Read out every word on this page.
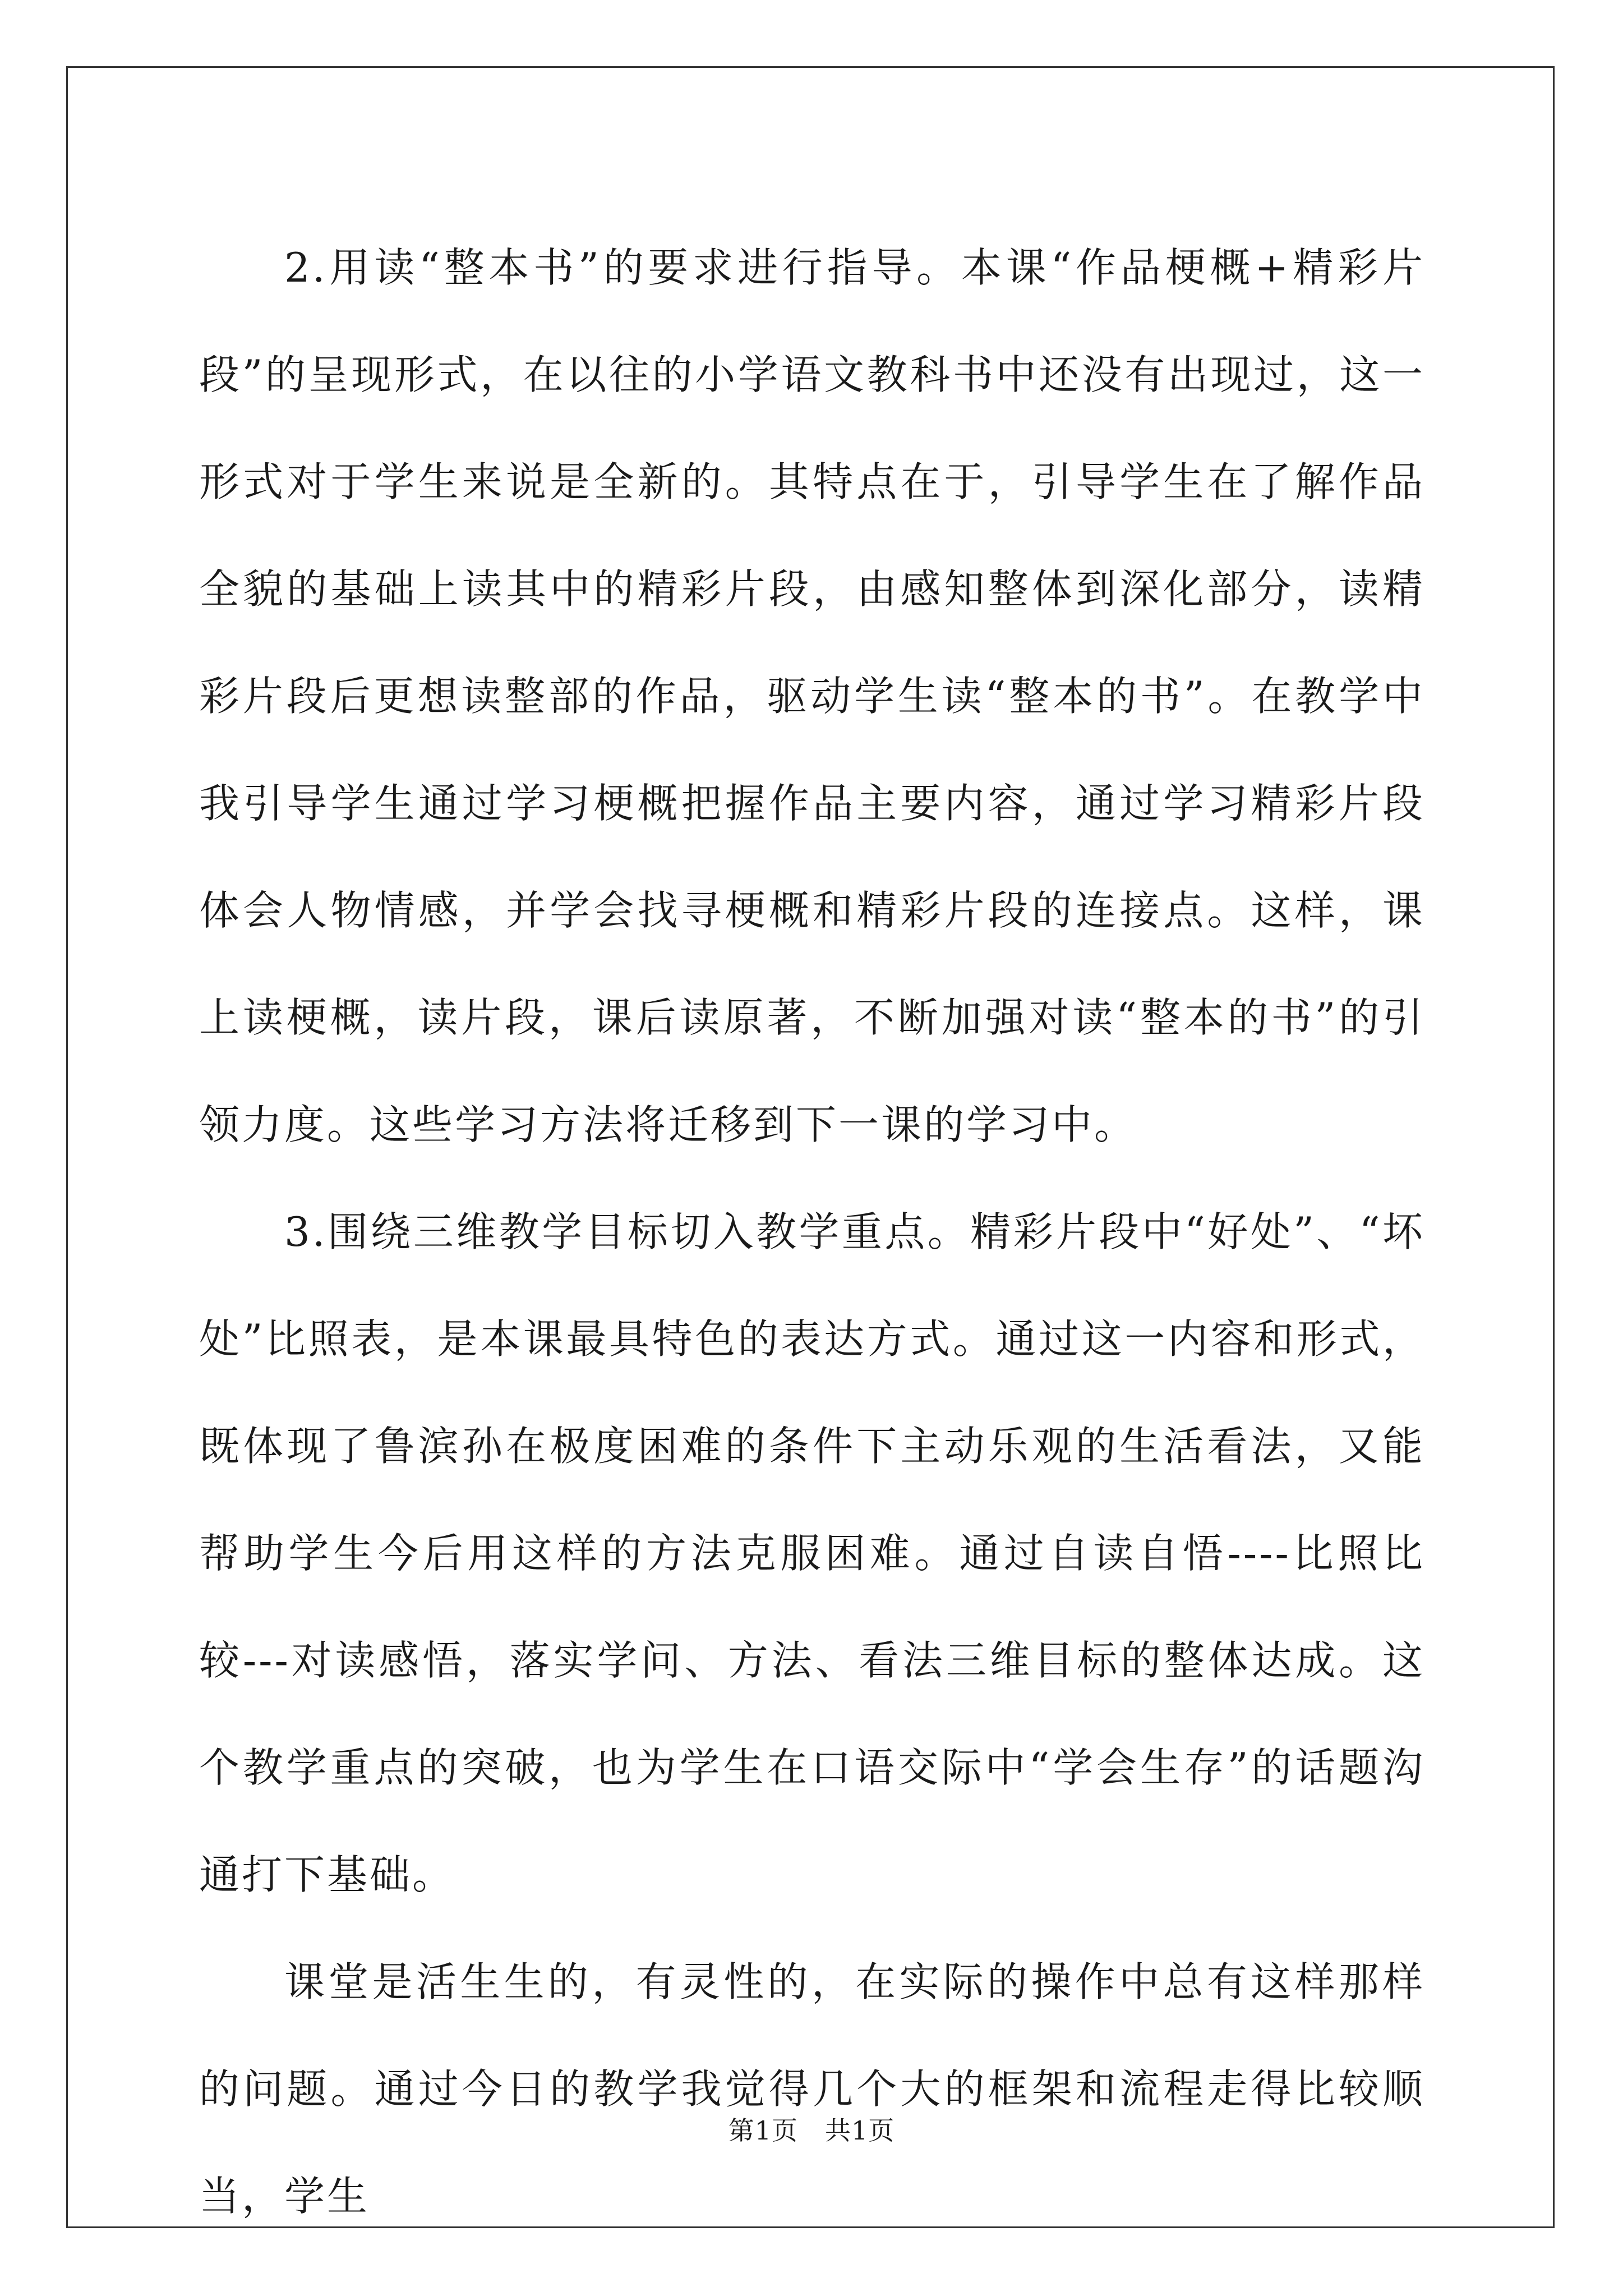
2.用读“整本书”的要求进行指导。本课“作品梗概+精彩片段”的呈现形式，在以往的小学语文教科书中还没有出现过，这一形式对于学生来说是全新的。其特点在于，引导学生在了解作品全貌的基础上读其中的精彩片段，由感知整体到深化部分，读精彩片段后更想读整部的作品，驱动学生读“整本的书”。在教学中我引导学生通过学习梗概把握作品主要内容，通过学习精彩片段体会人物情感，并学会找寻梗概和精彩片段的连接点。这样，课上读梗概，读片段，课后读原著，不断加强对读“整本的书”的引领力度。这些学习方法将迁移到下一课的学习中。

3.围绕三维教学目标切入教学重点。精彩片段中“好处”、“坏处”比照表，是本课最具特色的表达方式。通过这一内容和形式，既体现了鲁滨孙在极度困难的条件下主动乐观的生活看法，又能帮助学生今后用这样的方法克服困难。通过自读自悟----比照比较---对读感悟，落实学问、方法、看法三维目标的整体达成。这个教学重点的突破，也为学生在口语交际中“学会生存”的话题沟通打下基础。

课堂是活生生的，有灵性的，在实际的操作中总有这样那样的问题。通过今日的教学我觉得几个大的框架和流程走得比较顺当，学生

第1页 共1页
